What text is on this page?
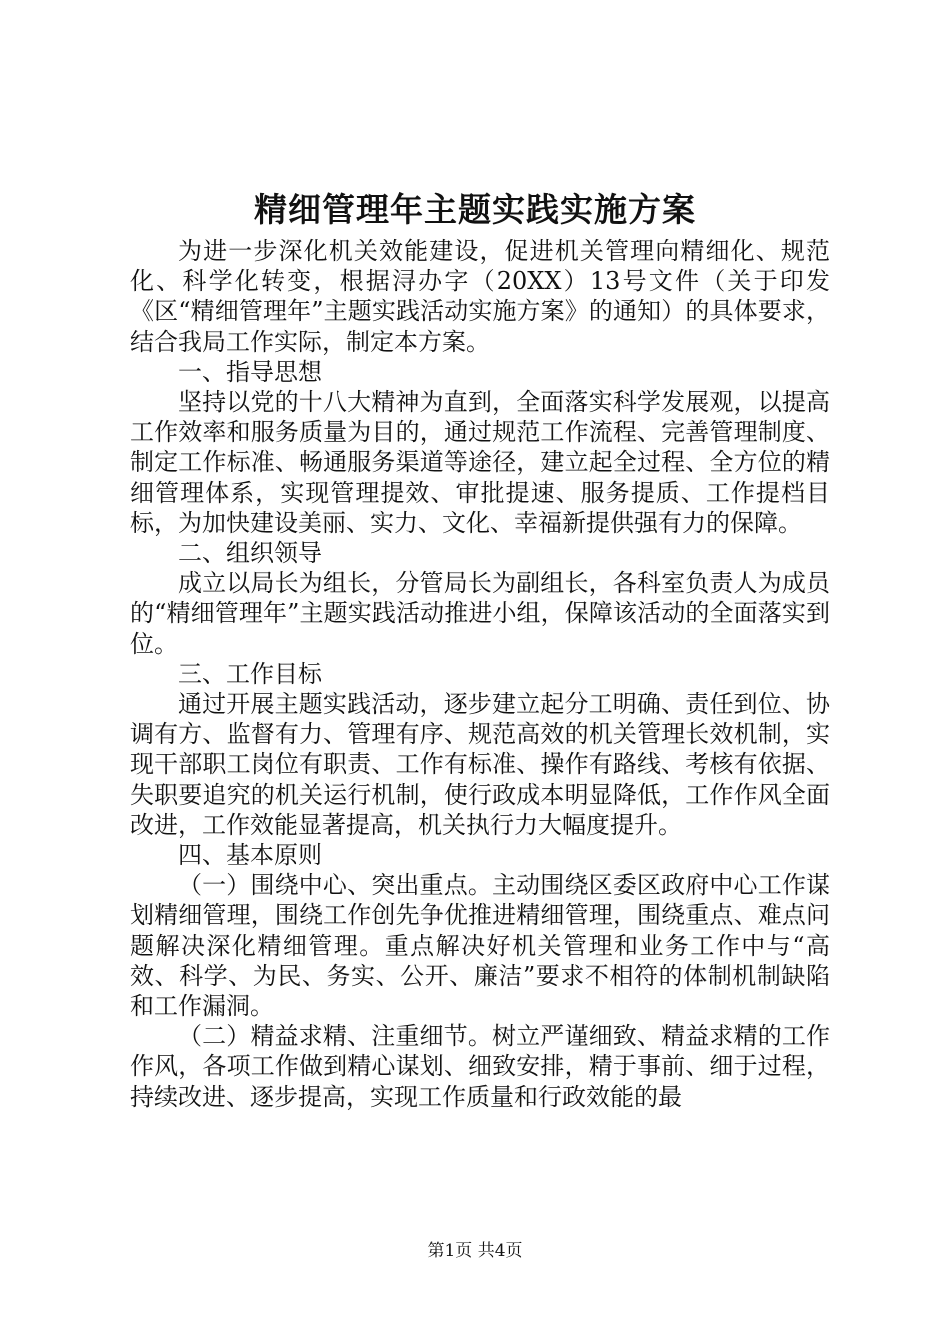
精细管理年主题实践实施方案

为进一步深化机关效能建设，促进机关管理向精细化、规范化、科学化转变，根据浔办字（20XX）13号文件（关于印发《区“精细管理年”主题实践活动实施方案》的通知）的具体要求，结合我局工作实际，制定本方案。

一、指导思想

坚持以党的十八大精神为直到，全面落实科学发展观，以提高工作效率和服务质量为目的，通过规范工作流程、完善管理制度、制定工作标准、畅通服务渠道等途径，建立起全过程、全方位的精细管理体系，实现管理提效、审批提速、服务提质、工作提档目标，为加快建设美丽、实力、文化、幸福新提供强有力的保障。

二、组织领导

成立以局长为组长，分管局长为副组长，各科室负责人为成员的“精细管理年”主题实践活动推进小组，保障该活动的全面落实到位。

三、工作目标

通过开展主题实践活动，逐步建立起分工明确、责任到位、协调有方、监督有力、管理有序、规范高效的机关管理长效机制，实现干部职工岗位有职责、工作有标准、操作有路线、考核有依据、失职要追究的机关运行机制，使行政成本明显降低，工作作风全面改进，工作效能显著提高，机关执行力大幅度提升。

四、基本原则

（一）围绕中心、突出重点。主动围绕区委区政府中心工作谋划精细管理，围绕工作创先争优推进精细管理，围绕重点、难点问题解决深化精细管理。重点解决好机关管理和业务工作中与“高效、科学、为民、务实、公开、廉洁”要求不相符的体制机制缺陷和工作漏洞。

（二）精益求精、注重细节。树立严谨细致、精益求精的工作作风，各项工作做到精心谋划、细致安排，精于事前、细于过程，持续改进、逐步提高，实现工作质量和行政效能的最

第1页 共4页
